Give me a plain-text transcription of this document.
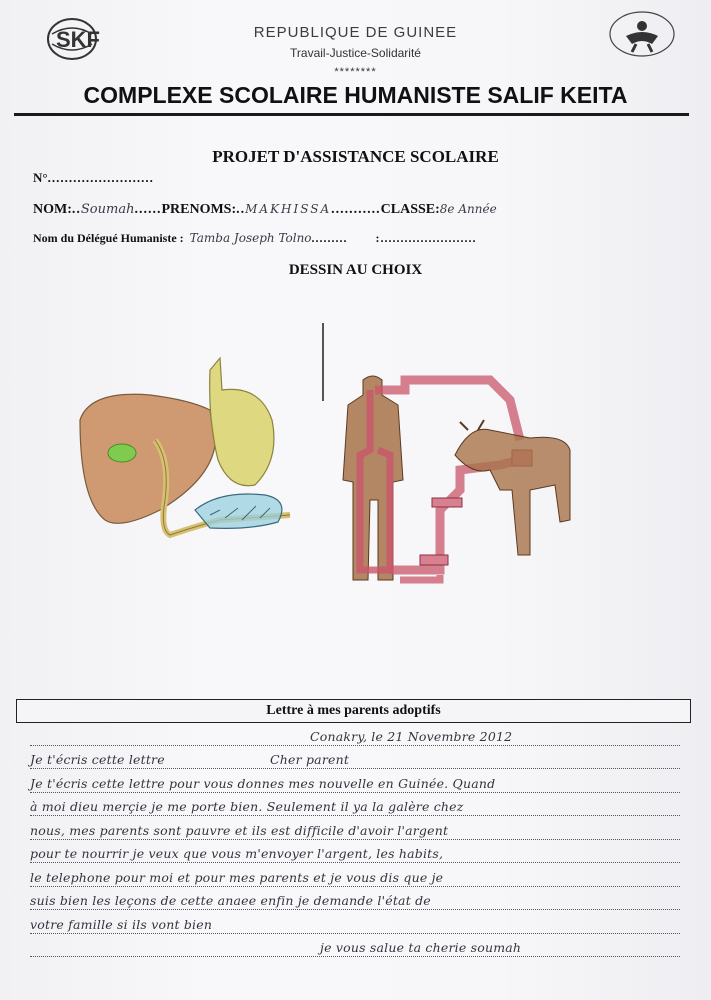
SKF	REPUBLIQUE DE GUINEE
Travail-Justice-Solidarité
********
COMPLEXE SCOLAIRE HUMANISTE SALIF KEITA
PROJET D'ASSISTANCE SCOLAIRE
N°.........................
NOM:..Soumah......PRENOMS:..MAKHISSA...........CLASSE:8e Année
Nom du Délégué Humaniste : Tamba Joseph Tolno......... :........................
DESSIN AU CHOIX
Lettre à mes parents adoptifs
Conakry, le 21 Novembre 2012
Je t'écris cette lettre	Cher parent
Je t'écris cette lettre pour vous donnes mes nouvelle en Guinée. Quand
à moi dieu merçie je me porte bien. Seulement il ya la galère chez
nous, mes parents sont pauvre et ils est difficile d'avoir l'argent
pour te nourrir je veux que vous m'envoyer l'argent, les habits,
le telephone pour moi et pour mes parents et je vous dis que je
suis bien les leçons de cette anaee enfin je demande l'état de
votre famille si ils vont bien
je vous salue ta cherie soumah
